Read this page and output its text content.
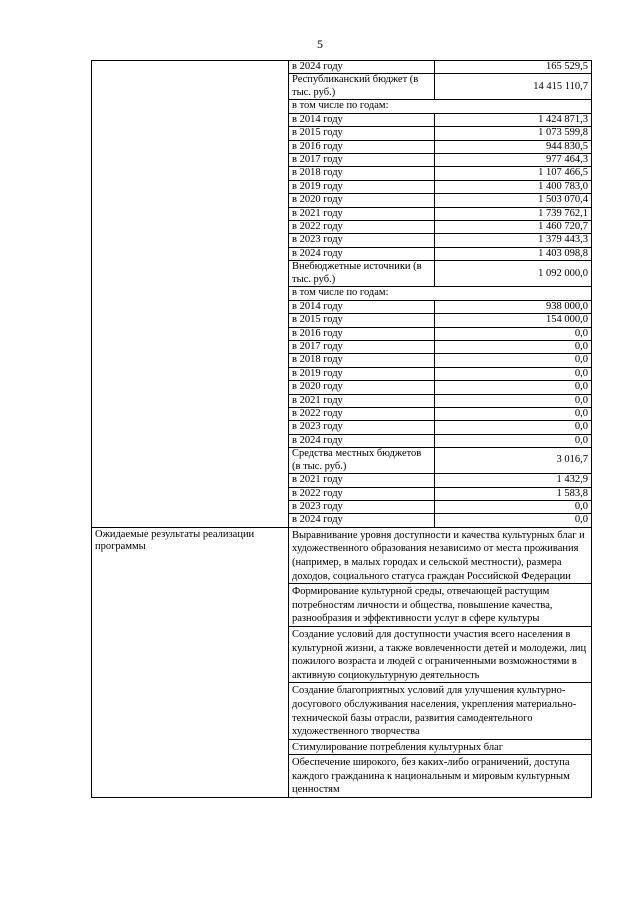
5
	в 2024 году	165 529,5
	Республиканский бюджет (в тыс. руб.)	14 415 110,7
	в том числе по годам:	
	в 2014 году	1 424 871,3
	в 2015 году	1 073 599,8
	в 2016 году	944 830,5
	в 2017 году	977 464,3
	в 2018 году	1 107 466,5
	в 2019 году	1 400 783,0
	в 2020 году	1 503 070,4
	в 2021 году	1 739 762,1
	в 2022 году	1 460 720,7
	в 2023 году	1 379 443,3
	в 2024 году	1 403 098,8
	Внебюджетные источники (в тыс. руб.)	1 092 000,0
	в том числе по годам:	
	в 2014 году	938 000,0
	в 2015 году	154 000,0
	в 2016 году	0,0
	в 2017 году	0,0
	в 2018 году	0,0
	в 2019 году	0,0
	в 2020 году	0,0
	в 2021 году	0,0
	в 2022 году	0,0
	в 2023 году	0,0
	в 2024 году	0,0
	Средства местных бюджетов (в тыс. руб.)	3 016,7
	в 2021 году	1 432,9
	в 2022 году	1 583,8
	в 2023 году	0,0
	в 2024 году	0,0
Ожидаемые результаты реализации программы	Выравнивание уровня доступности и качества культурных благ и художественного образования независимо от места проживания (например, в малых городах и сельской местности), размера доходов, социального статуса граждан Российской Федерации	
	Формирование культурной среды, отвечающей растущим потребностям личности и общества, повышение качества, разнообразия и эффективности услуг в сфере культуры	
	Создание условий для доступности участия всего населения в культурной жизни, а также вовлеченности детей и молодежи, лиц пожилого возраста и людей с ограниченными возможностями в активную социокультурную деятельность	
	Создание благоприятных условий для улучшения культурно-досугового обслуживания населения, укрепления материально-технической базы отрасли, развития самодеятельного художественного творчества	
	Стимулирование потребления культурных благ	
	Обеспечение широкого, без каких-либо ограничений, доступа каждого гражданина к национальным и мировым культурным ценностям	
